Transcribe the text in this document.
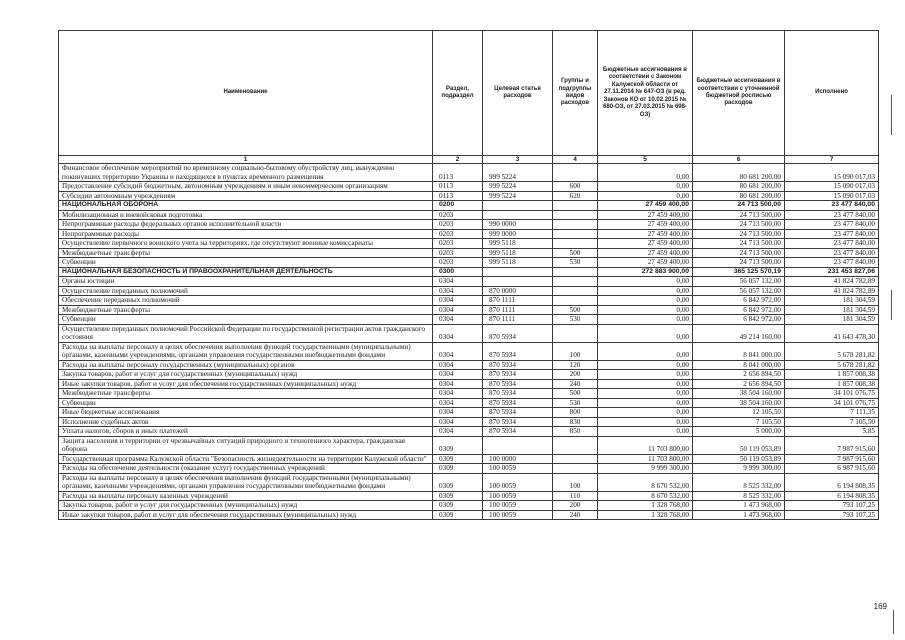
Наименование	Раздел, подраздел	Целевая статья расходов	Группы и подгруппы видов расходов	Бюджетные ассигнования в соответствии с Законом Калужской области от 27.11.2014 № 647-ОЗ (в ред. Законов КО от 10.02.2015 № 680-ОЗ, от 27.03.2015 № 698-ОЗ)	Бюджетные ассигнования в соответствии с уточненной бюджетной росписью расходов	Исполнено
1	2	3	4	5	6	7
Финансовое обеспечение мероприятий по временному социально-бытовому обустройству лиц, вынужденно покинувших территорию Украины и находящихся в пунктах временного размещения	0113	999 5224		0,00	80 681 200,00	15 090 017,03
Предоставление субсидий бюджетным, автономным учреждениям и иным некоммерческим организациям	0113	999 5224	600	0,00	80 681 200,00	15 090 017,03
Субсидии автономным учреждениям	0113	999 5224	620	0,00	80 681 200,00	15 090 017,03
НАЦИОНАЛЬНАЯ ОБОРОНА	0200			27 459 400,00	24 713 500,00	23 477 840,00
Мобилизационная и вневойсковая подготовка	0203			27 459 400,00	24 713 500,00	23 477 840,00
Непрограммные расходы федеральных органов исполнительной власти	0203	990 0000		27 459 400,00	24 713 500,00	23 477 840,00
Непрограммные расходы	0203	999 0000		27 459 400,00	24 713 500,00	23 477 840,00
Осуществление первичного воинского учета на территориях, где отсутствуют военные комиссариаты	0203	999 5118		27 459 400,00	24 713 500,00	23 477 840,00
Межбюджетные трансферты	0203	999 5118	500	27 459 400,00	24 713 500,00	23 477 840,00
Субвенции	0203	999 5118	530	27 459 400,00	24 713 500,00	23 477 840,00
НАЦИОНАЛЬНАЯ БЕЗОПАСНОСТЬ И ПРАВООХРАНИТЕЛЬНАЯ ДЕЯТЕЛЬНОСТЬ	0300			272 883 900,00	365 125 570,19	231 453 827,06
Органы юстиции	0304			0,00	56 057 132,00	41 824 782,89
Осуществление переданных полномочий	0304	870 0000		0,00	56 057 132,00	41 824 782,89
Обеспечение переданных полномочий	0304	870 1111		0,00	6 842 972,00	181 304,59
Межбюджетные трансферты	0304	870 1111	500	0,00	6 842 972,00	181 304,59
Субвенции	0304	870 1111	530	0,00	6 842 972,00	181 304,59
Осуществление переданных полномочий Российской Федерации по государственной регистрации актов гражданского состояния	0304	870 5934		0,00	49 214 160,00	41 643 478,30
Расходы на выплаты персоналу в целях обеспечения выполнения функций государственными (муниципальными) органами, казенными учреждениями, органами управления государственными внебюджетными фондами	0304	870 5934	100	0,00	8 041 000,00	5 678 281,82
Расходы на выплаты персоналу государственных (муниципальных) органов	0304	870 5934	120	0,00	8 041 000,00	5 678 281,82
Закупка товаров, работ и услуг для государственных (муниципальных) нужд	0304	870 5934	200	0,00	2 656 894,50	1 857 008,38
Иные закупки товаров, работ и услуг для обеспечения государственных (муниципальных) нужд	0304	870 5934	240	0,00	2 656 894,50	1 857 008,38
Межбюджетные трансферты	0304	870 5934	500	0,00	38 504 160,00	34 101 076,75
Субвенции	0304	870 5934	530	0,00	38 504 160,00	34 101 076,75
Иные бюджетные ассигнования	0304	870 5934	800	0,00	12 105,50	7 111,35
Исполнение судебных актов	0304	870 5934	830	0,00	7 105,50	7 105,50
Уплата налогов, сборов и иных платежей	0304	870 5934	850	0,00	5 000,00	5,85
Защита населения и территории от чрезвычайных ситуаций природного и техногенного характера, гражданская оборона	0309			11 703 800,00	50 119 053,89	7 987 915,60
Государственная программа Калужской области "Безопасность жизнедеятельности на территории Калужской области"	0309	100 0000		11 703 800,00	50 119 053,89	7 987 915,60
Расходы на обеспечение деятельности (оказание услуг) государственных учреждений	0309	100 0059		9 999 300,00	9 999 300,00	6 987 915,60
Расходы на выплаты персоналу в целях обеспечения выполнения функций государственными (муниципальными) органами, казенными учреждениями, органами управления государственными внебюджетными фондами	0309	100 0059	100	8 670 532,00	8 525 332,00	6 194 808,35
Расходы на выплаты персоналу казенных учреждений	0309	100 0059	110	8 670 532,00	8 525 332,00	6 194 808,35
Закупка товаров, работ и услуг для государственных (муниципальных) нужд	0309	100 0059	200	1 328 768,00	1 473 968,00	793 107,25
Иные закупки товаров, работ и услуг для обеспечения государственных (муниципальных) нужд	0309	100 0059	240	1 328 768,00	1 473 968,00	793 107,25
169
